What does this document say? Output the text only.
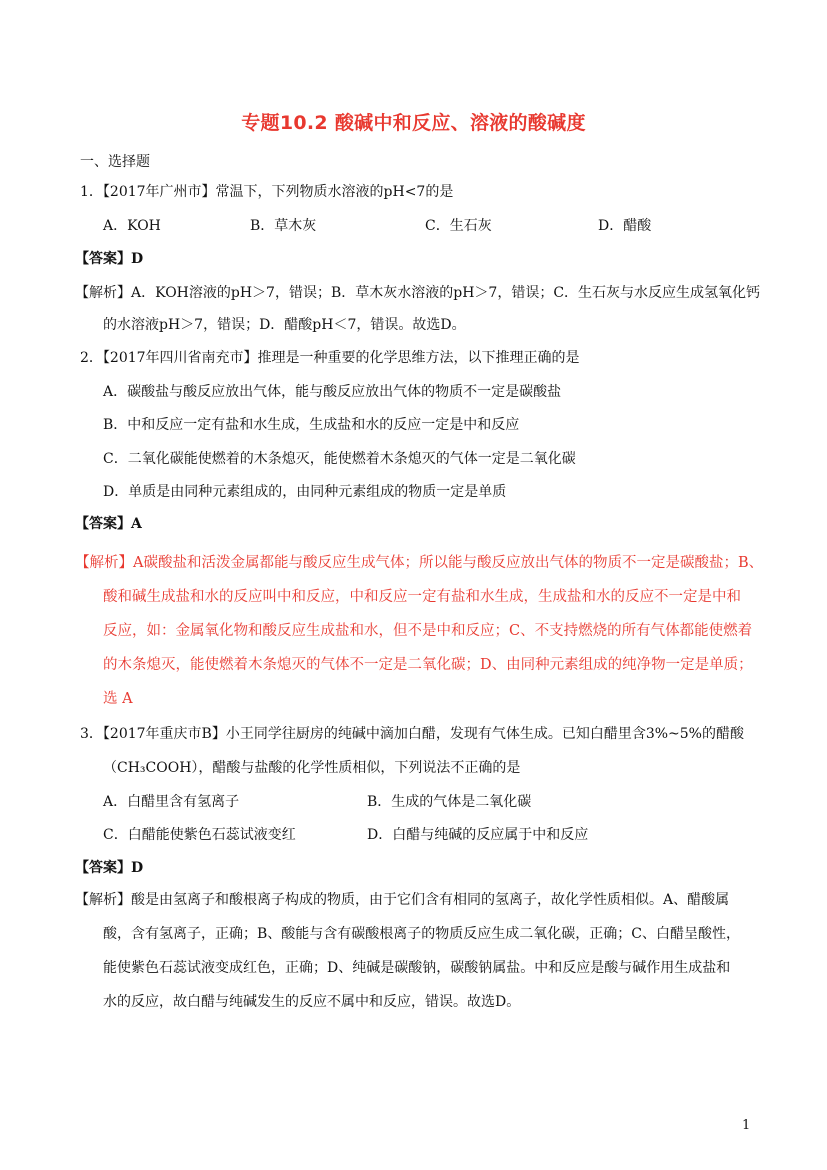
专题10.2 酸碱中和反应、溶液的酸碱度
一、选择题
1．【2017年广州市】常温下，下列物质水溶液的pH<7的是
A．KOH	B．草木灰	C．生石灰	D．醋酸
【答案】D
【解析】A．KOH溶液的pH＞7，错误；B．草木灰水溶液的pH＞7，错误；C．生石灰与水反应生成氢氧化钙
的水溶液pH＞7，错误；D．醋酸pH＜7，错误。故选D。
2．【2017年四川省南充市】推理是一种重要的化学思维方法，以下推理正确的是
A．碳酸盐与酸反应放出气体，能与酸反应放出气体的物质不一定是碳酸盐
B．中和反应一定有盐和水生成，生成盐和水的反应一定是中和反应
C．二氧化碳能使燃着的木条熄灭，能使燃着木条熄灭的气体一定是二氧化碳
D．单质是由同种元素组成的，由同种元素组成的物质一定是单质
【答案】A
【解析】A碳酸盐和活泼金属都能与酸反应生成气体；所以能与酸反应放出气体的物质不一定是碳酸盐；B、
酸和碱生成盐和水的反应叫中和反应，中和反应一定有盐和水生成，生成盐和水的反应不一定是中和
反应，如：金属氧化物和酸反应生成盐和水，但不是中和反应；C、不支持燃烧的所有气体都能使燃着
的木条熄灭，能使燃着木条熄灭的气体不一定是二氧化碳；D、由同种元素组成的纯净物一定是单质；
选 A
3．【2017年重庆市B】小王同学往厨房的纯碱中滴加白醋，发现有气体生成。已知白醋里含3%~5%的醋酸
（CH₃COOH），醋酸与盐酸的化学性质相似，下列说法不正确的是
A．白醋里含有氢离子	B．生成的气体是二氧化碳
C．白醋能使紫色石蕊试液变红	D．白醋与纯碱的反应属于中和反应
【答案】D
【解析】酸是由氢离子和酸根离子构成的物质，由于它们含有相同的氢离子，故化学性质相似。A、醋酸属
酸，含有氢离子，正确；B、酸能与含有碳酸根离子的物质反应生成二氧化碳，正确；C、白醋呈酸性，
能使紫色石蕊试液变成红色，正确；D、纯碱是碳酸钠，碳酸钠属盐。中和反应是酸与碱作用生成盐和
水的反应，故白醋与纯碱发生的反应不属中和反应，错误。故选D。
1
